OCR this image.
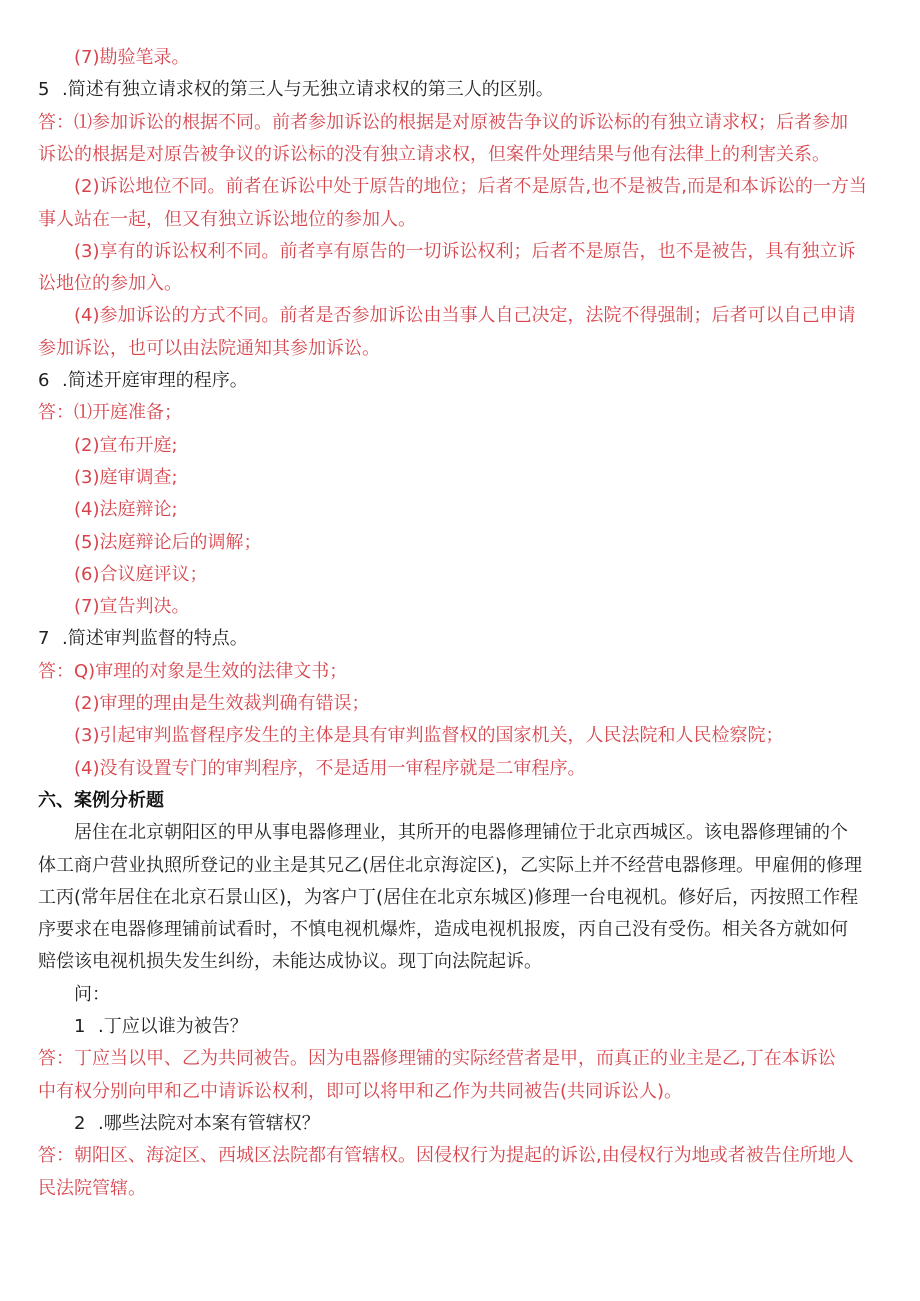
(7)勘验笔录。
5 .简述有独立请求权的第三人与无独立请求权的第三人的区别。
答：⑴参加诉讼的根据不同。前者参加诉讼的根据是对原被告争议的诉讼标的有独立请求权；后者参加
诉讼的根据是对原告被争议的诉讼标的没有独立请求权，但案件处理结果与他有法律上的利害关系。
(2)诉讼地位不同。前者在诉讼中处于原告的地位；后者不是原告,也不是被告,而是和本诉讼的一方当
事人站在一起，但又有独立诉讼地位的参加人。
(3)享有的诉讼权利不同。前者享有原告的一切诉讼权利；后者不是原告，也不是被告，具有独立诉
讼地位的参加入。
(4)参加诉讼的方式不同。前者是否参加诉讼由当事人自己决定，法院不得强制；后者可以自己申请
参加诉讼，也可以由法院通知其参加诉讼。
6 .简述开庭审理的程序。
答：⑴开庭准备；
(2)宣布开庭;
(3)庭审调查;
(4)法庭辩论;
(5)法庭辩论后的调解；
(6)合议庭评议；
(7)宣告判决。
7 .简述审判监督的特点。
答：Q)审理的对象是生效的法律文书；
(2)审理的理由是生效裁判确有错误；
(3)引起审判监督程序发生的主体是具有审判监督权的国家机关，人民法院和人民检察院；
(4)没有设置专门的审判程序，不是适用一审程序就是二审程序。
六、案例分析题
居住在北京朝阳区的甲从事电器修理业，其所开的电器修理铺位于北京西城区。该电器修理铺的个
体工商户营业执照所登记的业主是其兄乙(居住北京海淀区)，乙实际上并不经营电器修理。甲雇佣的修理
工丙(常年居住在北京石景山区)，为客户丁(居住在北京东城区)修理一台电视机。修好后，丙按照工作程
序要求在电器修理铺前试看时，不慎电视机爆炸，造成电视机报废，丙自己没有受伤。相关各方就如何
赔偿该电视机损失发生纠纷，未能达成协议。现丁向法院起诉。
问：
1 .丁应以谁为被告？
答：丁应当以甲、乙为共同被告。因为电器修理铺的实际经营者是甲，而真正的业主是乙,丁在本诉讼
中有权分别向甲和乙中请诉讼权利，即可以将甲和乙作为共同被告(共同诉讼人)。
2 .哪些法院对本案有管辖权？
答：朝阳区、海淀区、西城区法院都有管辖权。因侵权行为提起的诉讼,由侵权行为地或者被告住所地人
民法院管辖。
